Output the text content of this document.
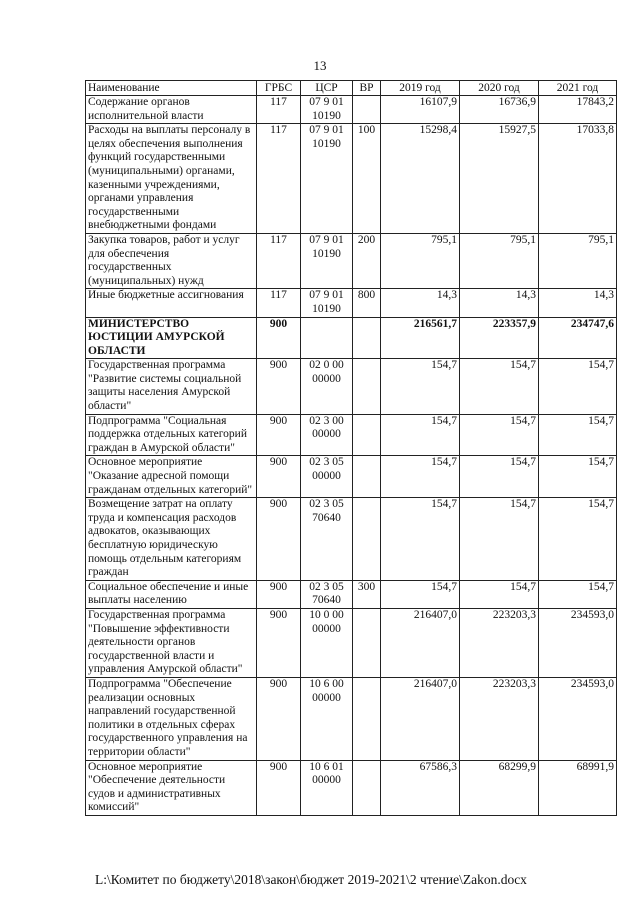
13
Наименование	ГРБС	ЦСР	ВР	2019 год	2020 год	2021 год
Содержание органов исполнительной власти	117	07 9 01 10190		16107,9	16736,9	17843,2
Расходы на выплаты персоналу в целях обеспечения выполнения функций государственными (муниципальными) органами, казенными учреждениями, органами управления государственными внебюджетными фондами	117	07 9 01 10190	100	15298,4	15927,5	17033,8
Закупка товаров, работ и услуг для обеспечения государственных (муниципальных) нужд	117	07 9 01 10190	200	795,1	795,1	795,1
Иные бюджетные ассигнования	117	07 9 01 10190	800	14,3	14,3	14,3
МИНИСТЕРСТВО ЮСТИЦИИ АМУРСКОЙ ОБЛАСТИ	900			216561,7	223357,9	234747,6
Государственная программа "Развитие системы социальной защиты населения Амурской области"	900	02 0 00 00000		154,7	154,7	154,7
Подпрограмма "Социальная поддержка отдельных категорий граждан в Амурской области"	900	02 3 00 00000		154,7	154,7	154,7
Основное мероприятие "Оказание адресной помощи гражданам отдельных категорий"	900	02 3 05 00000		154,7	154,7	154,7
Возмещение затрат на оплату труда и компенсация расходов адвокатов, оказывающих бесплатную юридическую помощь отдельным категориям граждан	900	02 3 05 70640		154,7	154,7	154,7
Социальное обеспечение и иные выплаты населению	900	02 3 05 70640	300	154,7	154,7	154,7
Государственная программа "Повышение эффективности деятельности органов государственной власти и управления Амурской области"	900	10 0 00 00000		216407,0	223203,3	234593,0
Подпрограмма "Обеспечение реализации основных направлений государственной политики в отдельных сферах государственного управления на территории области"	900	10 6 00 00000		216407,0	223203,3	234593,0
Основное мероприятие "Обеспечение деятельности судов и административных комиссий"	900	10 6 01 00000		67586,3	68299,9	68991,9
L:\Комитет по бюджету\2018\закон\бюджет 2019-2021\2 чтение\Zakon.docx
